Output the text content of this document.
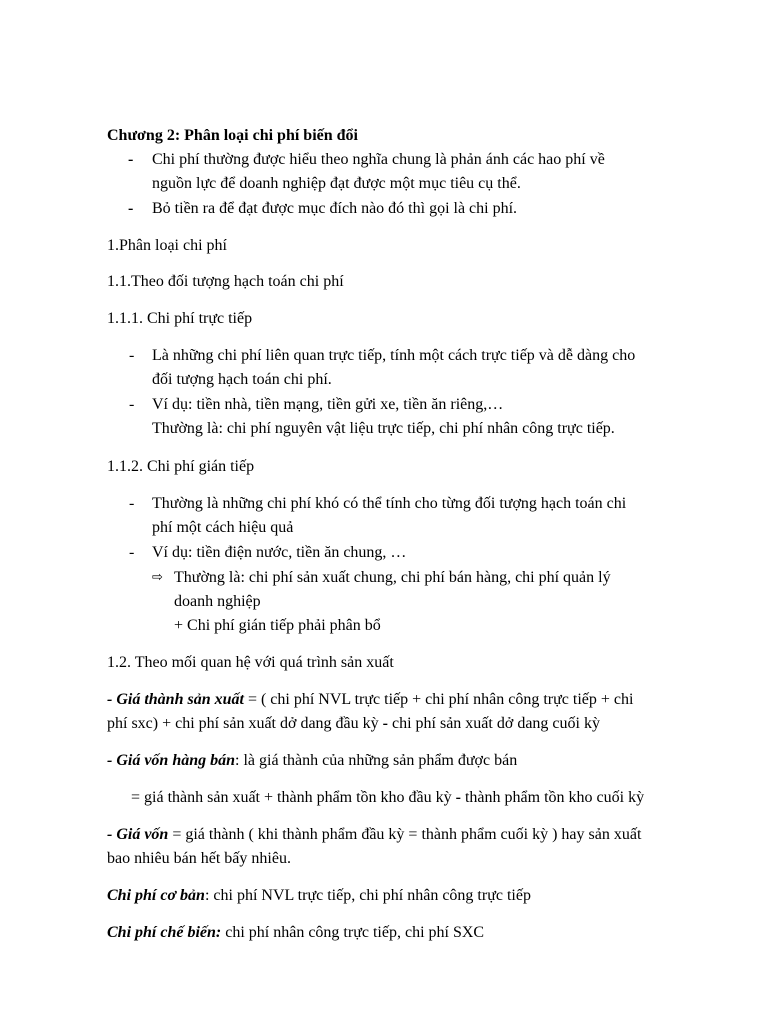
Chương 2: Phân loại chi phí biến đổi
- Chi phí thường được hiểu theo nghĩa chung là phản ánh các hao phí về
nguồn lực để doanh nghiệp đạt được một mục tiêu cụ thể.
- Bỏ tiền ra để đạt được mục đích nào đó thì gọi là chi phí.
1.Phân loại chi phí
1.1.Theo đối tượng hạch toán chi phí
1.1.1. Chi phí trực tiếp
- Là những chi phí liên quan trực tiếp, tính một cách trực tiếp và dễ dàng cho
đối tượng hạch toán chi phí.
- Ví dụ: tiền nhà, tiền mạng, tiền gửi xe, tiền ăn riêng,…
Thường là: chi phí nguyên vật liệu trực tiếp, chi phí nhân công trực tiếp.
1.1.2. Chi phí gián tiếp
- Thường là những chi phí khó có thể tính cho từng đối tượng hạch toán chi
phí một cách hiệu quả
- Ví dụ: tiền điện nước, tiền ăn chung, …
⇨ Thường là: chi phí sản xuất chung, chi phí bán hàng, chi phí quản lý
doanh nghiệp
+ Chi phí gián tiếp phải phân bổ
1.2. Theo mối quan hệ với quá trình sản xuất
- Giá thành sản xuất = ( chi phí NVL trực tiếp + chi phí nhân công trực tiếp + chi
phí sxc) + chi phí sản xuất dở dang đầu kỳ - chi phí sản xuất dở dang cuối kỳ
- Giá vốn hàng bán: là giá thành của những sản phẩm được bán
= giá thành sản xuất + thành phẩm tồn kho đầu kỳ - thành phẩm tồn kho cuối kỳ
- Giá vốn = giá thành ( khi thành phẩm đầu kỳ = thành phẩm cuối kỳ ) hay sản xuất
bao nhiêu bán hết bấy nhiêu.
Chi phí cơ bản: chi phí NVL trực tiếp, chi phí nhân công trực tiếp
Chi phí chế biến: chi phí nhân công trực tiếp, chi phí SXC
